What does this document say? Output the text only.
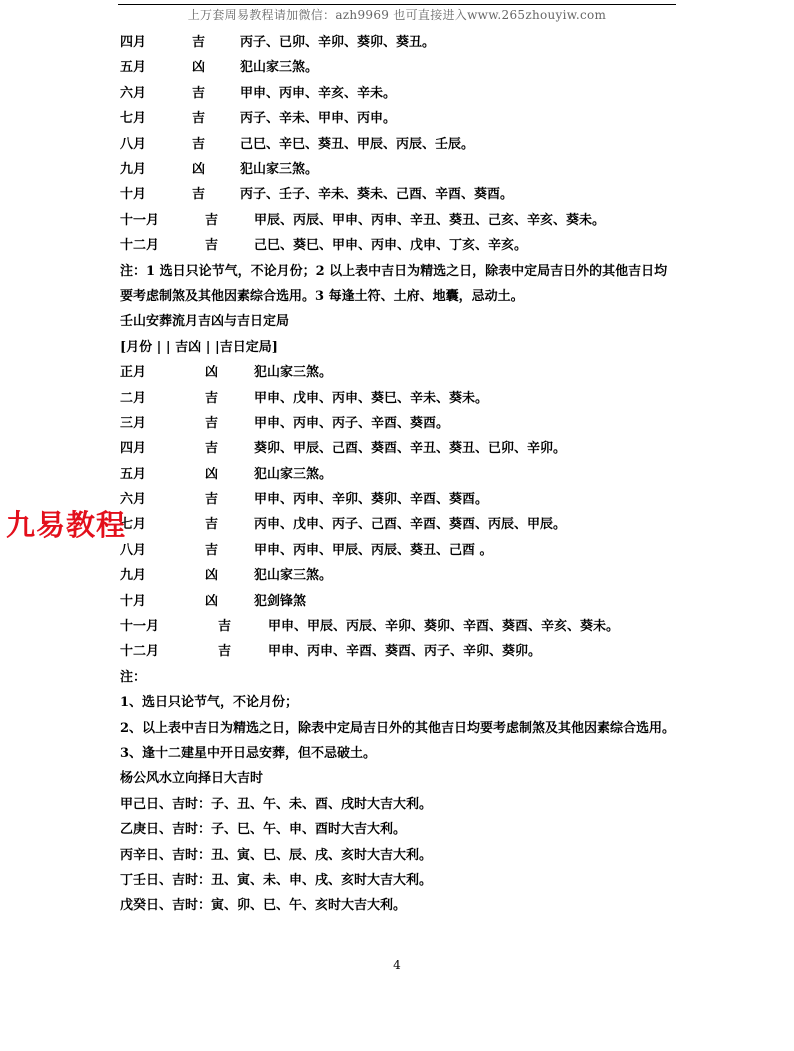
上万套周易教程请加微信：azh9969 也可直接进入www.265zhouyiw.com
四月	吉	丙子、已卯、辛卯、葵卯、葵丑。
五月	凶	犯山家三煞。
六月	吉	甲申、丙申、辛亥、辛未。
七月	吉	丙子、辛未、甲申、丙申。
八月	吉	己巳、辛巳、葵丑、甲辰、丙辰、壬辰。
九月	凶	犯山家三煞。
十月	吉	丙子、壬子、辛未、葵未、己酉、辛酉、葵酉。
十一月	吉	甲辰、丙辰、甲申、丙申、辛丑、葵丑、己亥、辛亥、葵未。
十二月	吉	己巳、葵巳、甲申、丙申、戊申、丁亥、辛亥。
注：1 选日只论节气，不论月份；2 以上表中吉日为精选之日，除表中定局吉日外的其他吉日均要考虑制煞及其他因素综合选用。3 每逢土符、土府、地囊，忌动土。
壬山安葬流月吉凶与吉日定局
[月份 | | 吉凶 | |吉日定局]
正月	凶	犯山家三煞。
二月	吉	甲申、戊申、丙申、葵巳、辛未、葵未。
三月	吉	甲申、丙申、丙子、辛酉、葵酉。
四月	吉	葵卯、甲辰、己酉、葵酉、辛丑、葵丑、已卯、辛卯。
五月	凶	犯山家三煞。
六月	吉	甲申、丙申、辛卯、葵卯、辛酉、葵酉。
七月	吉	丙申、戊申、丙子、己酉、辛酉、葵酉、丙辰、甲辰。
八月	吉	甲申、丙申、甲辰、丙辰、葵丑、己酉 。
九月	凶	犯山家三煞。
十月	凶	犯剑锋煞
十一月	吉	甲申、甲辰、丙辰、辛卯、葵卯、辛酉、葵酉、辛亥、葵未。
十二月	吉	甲申、丙申、辛酉、葵酉、丙子、辛卯、葵卯。
注：
1、选日只论节气，不论月份；
2、以上表中吉日为精选之日，除表中定局吉日外的其他吉日均要考虑制煞及其他因素综合选用。
3、逢十二建星中开日忌安葬，但不忌破土。
杨公风水立向择日大吉时
甲己日、吉时：子、丑、午、未、酉、戌时大吉大利。
乙庚日、吉时：子、巳、午、申、酉时大吉大利。
丙辛日、吉时：丑、寅、巳、辰、戌、亥时大吉大利。
丁壬日、吉时：丑、寅、未、申、戌、亥时大吉大利。
戊癸日、吉时：寅、卯、巳、午、亥时大吉大利。
九易教程
4
